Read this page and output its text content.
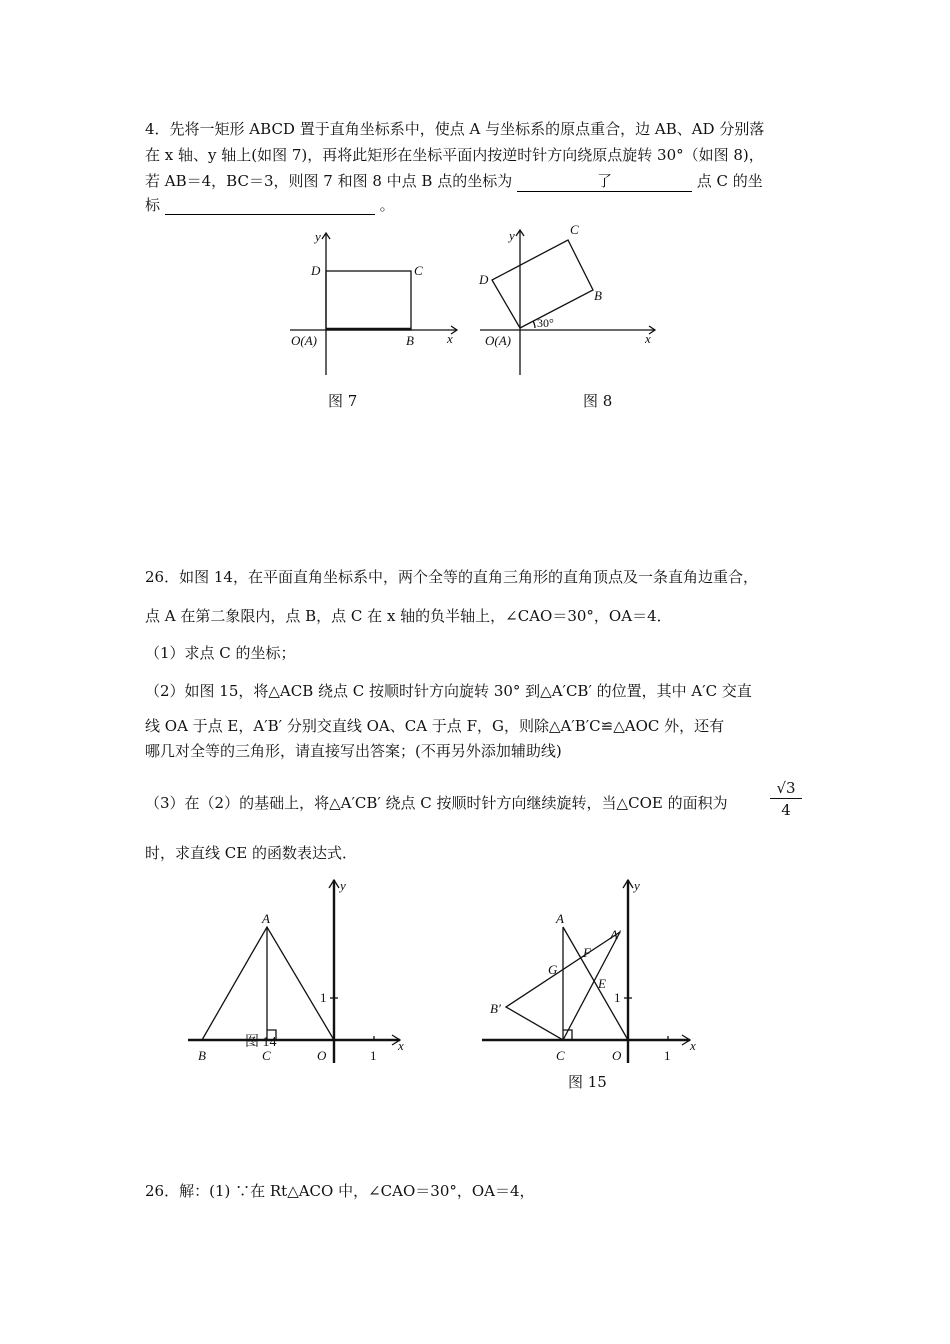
4．先将一矩形 ABCD 置于直角坐标系中，使点 A 与坐标系的原点重合，边 AB、AD 分别落
在 x 轴、y 轴上(如图 7)，再将此矩形在坐标平面内按逆时针方向绕原点旋转 30°（如图 8)，
若 AB＝4，BC＝3，则图 7 和图 8 中点 B 点的坐标为	了	点 C 的坐
标	。
y
x
D	C
O(A)	B
图 7
y
x
D
C
B
30°
O(A)
图 8
26．如图 14，在平面直角坐标系中，两个全等的直角三角形的直角顶点及一条直角边重合，
点 A 在第二象限内，点 B，点 C 在 x 轴的负半轴上，∠CAO＝30°，OA＝4．
（1）求点 C 的坐标；
（2）如图 15，将△ACB 绕点 C 按顺时针方向旋转 30° 到△A′CB′ 的位置，其中 A′C 交直
线 OA 于点 E，A′B′ 分别交直线 OA、CA 于点 F，G，则除△A′B′C≌△AOC 外，还有
哪几对全等的三角形，请直接写出答案；(不再另外添加辅助线)
（3）在（2）的基础上，将△A′CB′ 绕点 C 按顺时针方向继续旋转，当△COE 的面积为	$\frac{√3}{4}$
时，求直线 CE 的函数表达式．
y
x
A
B	C	O
1
1
图 14
y
x
A
A′
B′
F
G
E
C	O
1
1
图 15
26．解：(1) ∵在 Rt△ACO 中，∠CAO＝30°，OA＝4，
